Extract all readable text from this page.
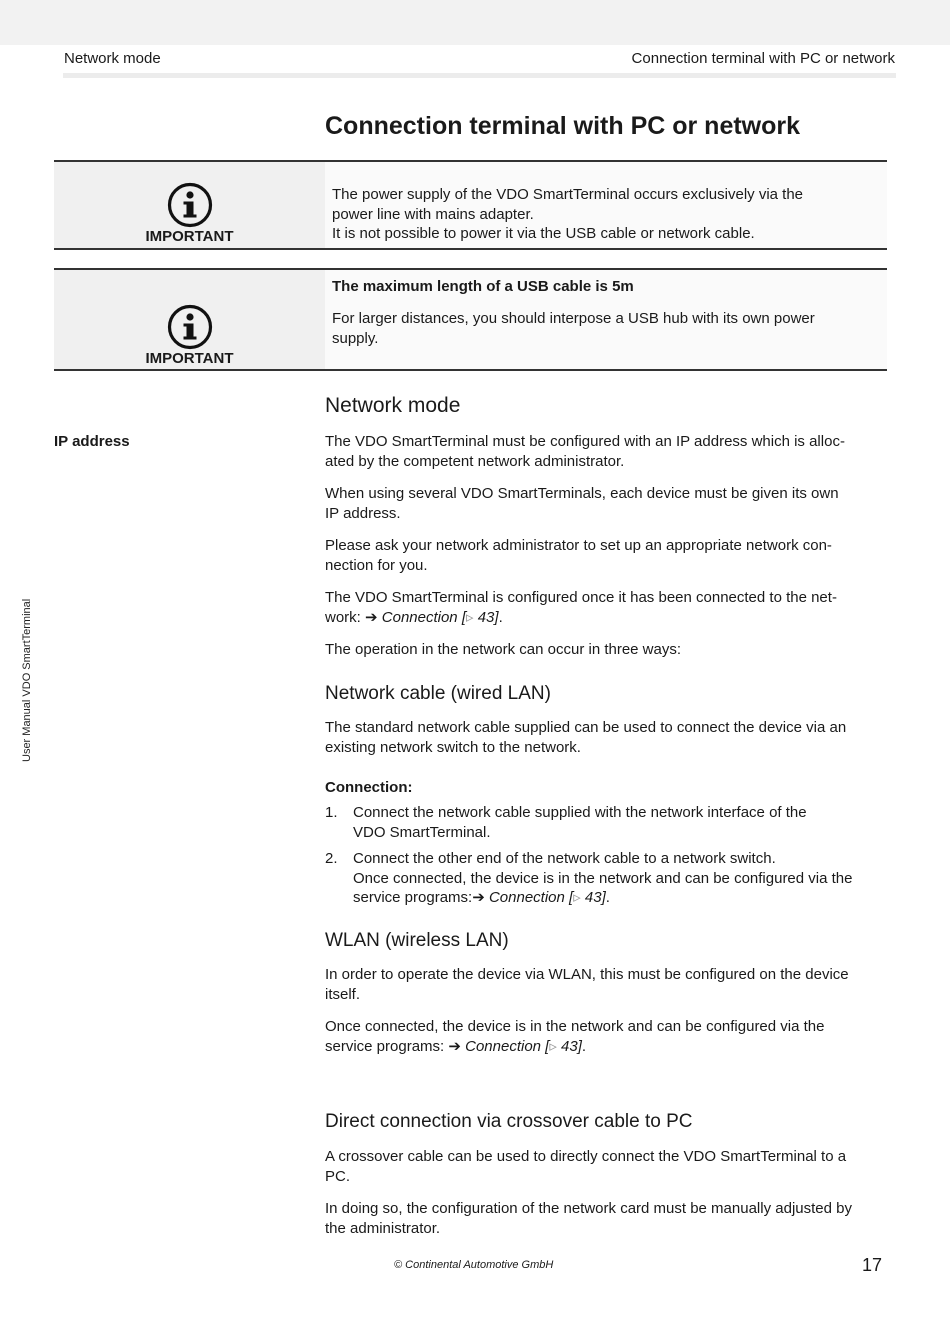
Network mode	Connection terminal with PC or network
User Manual VDO SmartTerminal
Connection terminal with PC or network
IMPORTANT
The power supply of the VDO SmartTerminal occurs exclusively via the
power line with mains adapter.
It is not possible to power it via the USB cable or network cable.
IMPORTANT
The maximum length of a USB cable is 5m
For larger distances, you should interpose a USB hub with its own power
supply.
Network mode
IP address	The VDO SmartTerminal must be configured with an IP address which is alloc-
ated by the competent network administrator.
When using several VDO SmartTerminals, each device must be given its own
IP address.
Please ask your network administrator to set up an appropriate network con-
nection for you.
The VDO SmartTerminal is configured once it has been connected to the net-
work: ➔ Connection [▹ 43].
The operation in the network can occur in three ways:
Network cable (wired LAN)
The standard network cable supplied can be used to connect the device via an
existing network switch to the network.
Connection:
1. Connect the network cable supplied with the network interface of the
VDO SmartTerminal.
2. Connect the other end of the network cable to a network switch.
Once connected, the device is in the network and can be configured via the
service programs:➔ Connection [▹ 43].
WLAN (wireless LAN)
In order to operate the device via WLAN, this must be configured on the device
itself.
Once connected, the device is in the network and can be configured via the
service programs: ➔ Connection [▹ 43].
Direct connection via crossover cable to PC
A crossover cable can be used to directly connect the VDO SmartTerminal to a
PC.
In doing so, the configuration of the network card must be manually adjusted by
the administrator.
© Continental Automotive GmbH	17
